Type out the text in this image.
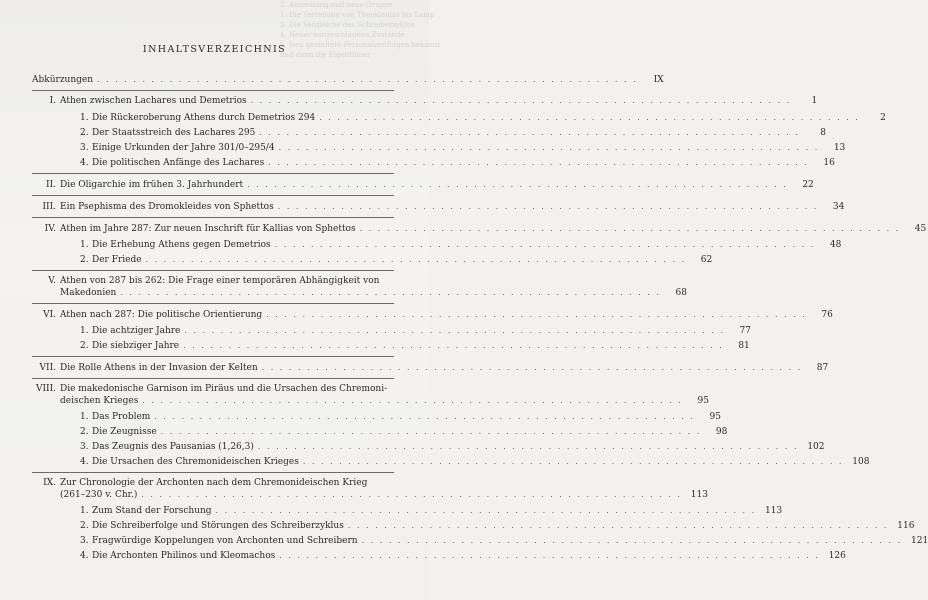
2. Ansiedlung und neue Gruppe
1. Die Verteilung von Theokleidas bis Lamp
3. Die Vergleiche des Schreiberzyklus
4. Neuer vorgeschlagene Zustände
5. Neu gestaltete Personalzeitfolgen bekannt
und dann die Eigentümer
INHALTSVERZEICHNIS
Abkürzungen . . .	IX
I. Athen zwischen Lachares und Demetrios . . .	1
1. Die Rückeroberung Athens durch Demetrios 294 . . .	2
2. Der Staatsstreich des Lachares 295 . . .	8
3. Einige Urkunden der Jahre 301/0–295/4 . . .	13
4. Die politischen Anfänge des Lachares . . .	16
II. Die Oligarchie im frühen 3. Jahrhundert . . .	22
III. Ein Psephisma des Dromokleides von Sphettos . . .	34
IV. Athen im Jahre 287: Zur neuen Inschrift für Kallias von Sphettos . . .	45
1. Die Erhebung Athens gegen Demetrios . . .	48
2. Der Friede . . .	62
V. Athen von 287 bis 262: Die Frage einer temporären Abhängigkeit von
Makedonien . . .	68
VI. Athen nach 287: Die politische Orientierung . . .	76
1. Die achtziger Jahre . . .	77
2. Die siebziger Jahre . . .	81
VII. Die Rolle Athens in der Invasion der Kelten . . .	87
VIII. Die makedonische Garnison im Piräus und die Ursachen des Chremoni-
deischen Krieges . . .	95
1. Das Problem . . .	95
2. Die Zeugnisse . . .	98
3. Das Zeugnis des Pausanias (1,26,3) . . .	102
4. Die Ursachen des Chremonideischen Krieges . . .	108
IX. Zur Chronologie der Archonten nach dem Chremonideischen Krieg
(261–230 v. Chr.) . . .	113
1. Zum Stand der Forschung . . .	113
2. Die Schreiberfolge und Störungen des Schreiberzyklus . . .	116
3. Fragwürdige Koppelungen von Archonten und Schreibern . . .	121
4. Die Archonten Philinos und Kleomachos . . .	126
